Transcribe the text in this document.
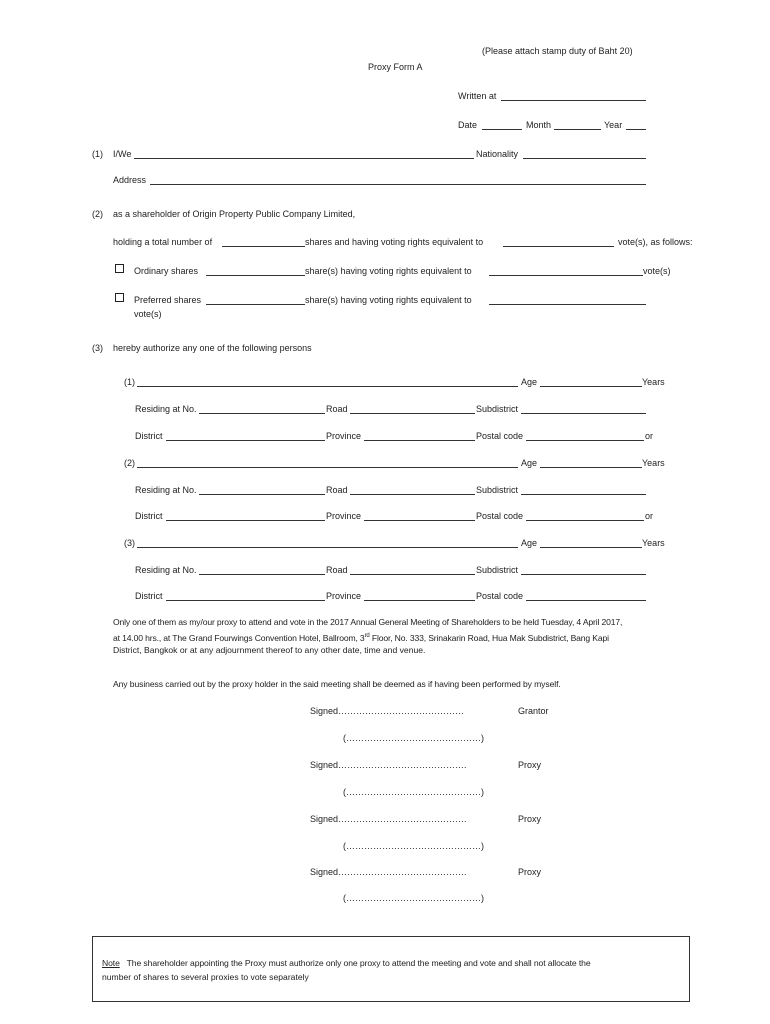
(Please attach stamp duty of Baht 20)
Proxy Form A
Written at
Date	Month	Year
(1) I/We	Nationality
Address
(2) as a shareholder of Origin Property Public Company Limited,
holding a total number of	shares and having voting rights equivalent to	vote(s), as follows:
Ordinary shares	share(s) having voting rights equivalent to	vote(s)
Preferred shares	share(s) having voting rights equivalent to
vote(s)
(3) hereby authorize any one of the following persons
(1)	Age	Years
Residing at No.	Road	Subdistrict
District	Province	Postal code	or
(2)	Age	Years
Residing at No.	Road	Subdistrict
District	Province	Postal code	or
(3)	Age	Years
Residing at No.	Road	Subdistrict
District	Province	Postal code
Only one of them as my/our proxy to attend and vote in the 2017 Annual General Meeting of Shareholders to be held Tuesday, 4 April 2017,
at 14.00 hrs., at The Grand Fourwings Convention Hotel, Ballroom, 3rd Floor, No. 333, Srinakarin Road, Hua Mak Subdistrict, Bang Kapi
District, Bangkok or at any adjournment thereof to any other date, time and venue.
Any business carried out by the proxy holder in the said meeting shall be deemed as if having been performed by myself.
Signed……………………………………	Grantor
(………………………………………)
Signed…………………………………….	Proxy
(………………………………………)
Signed…………………………………….	Proxy
(………………………………………)
Signed…………………………………….	Proxy
(………………………………………)
Note The shareholder appointing the Proxy must authorize only one proxy to attend the meeting and vote and shall not allocate the
number of shares to several proxies to vote separately
